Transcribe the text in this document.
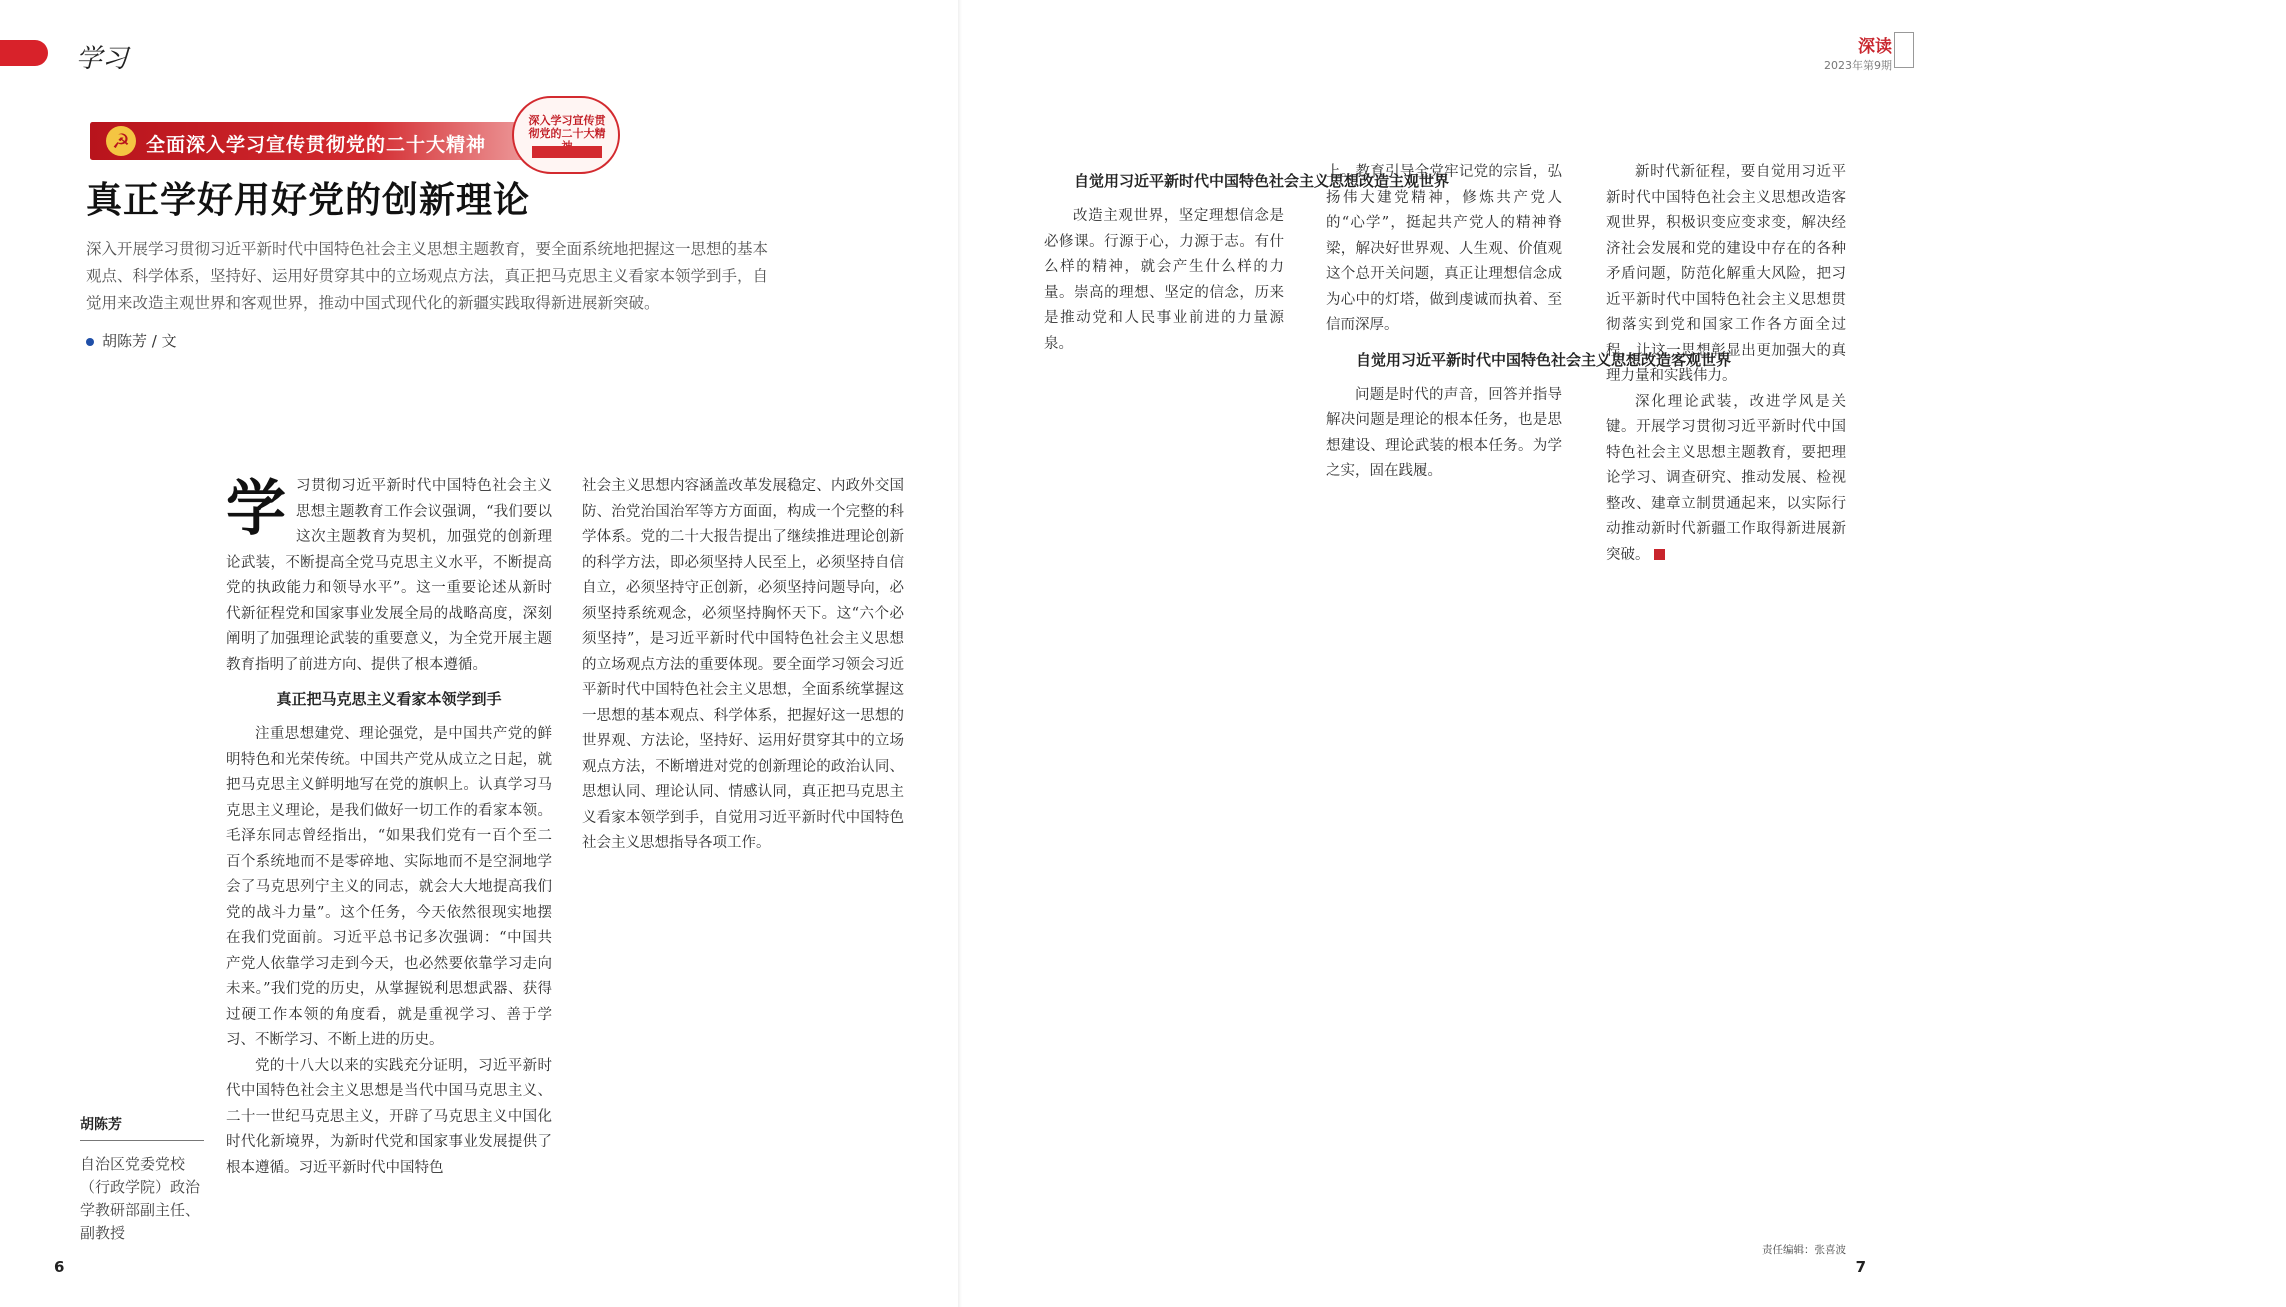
学习
☭ 全面深入学习宣传贯彻党的二十大精神
深入学习宣传贯彻党的二十大精
真正学好用好党的创新理论
深入开展学习贯彻习近平新时代中国特色社会主义思想主题教育，要全面系统地把握这一思想的基本观点、科学体系，坚持好、运用好贯穿其中的立场观点方法，真正把马克思主义看家本领学到手，自觉用来改造主观世界和客观世界，推动中国式现代化的新疆实践取得新进展新突破。
胡陈芳 / 文
学 习贯彻习近平新时代中国特色社会主义思想主题教育工作会议强调，“我们要以这次主题教育为契机，加强党的创新理论武装，不断提高全党马克思主义水平，不断提高党的执政能力和领导水平”。这一重要论述从新时代新征程党和国家事业发展全局的战略高度，深刻阐明了加强理论武装的重要意义，为全党开展主题教育指明了前进方向、提供了根本遵循。

真正把马克思主义看家本领学到手

注重思想建党、理论强党，是中国共产党的鲜明特色和光荣传统。中国共产党从成立之日起，就把马克思主义鲜明地写在党的旗帜上。认真学习马克思主义理论，是我们做好一切工作的看家本领。毛泽东同志曾经指出，“如果我们党有一百个至二百个系统地而不是零碎地、实际地而不是空洞地学会了马克思列宁主义的同志，就会大大地提高我们党的战斗力量”。这个任务，今天依然很现实地摆在我们党面前。习近平总书记多次强调：“中国共产党人依靠学习走到今天，也必然要依靠学习走向未来。”我们党的历史，从掌握锐利思想武器、获得过硬工作本领的角度看，就是重视学习、善于学习、不断学习、不断上进的历史。

党的十八大以来的实践充分证明，习近平新时代中国特色社会主义思想是当代中国马克思主义、二十一世纪马克思主义，开辟了马克思主义中国化时代化新境界，为新时代党和国家事业发展提供了根本遵循。习近平新时代中国特色

社会主义思想内容涵盖改革发展稳定、内政外交国防、治党治国治军等方方面面，构成一个完整的科学体系。党的二十大报告提出了继续推进理论创新的科学方法，即必须坚持人民至上，必须坚持自信自立，必须坚持守正创新，必须坚持问题导向，必须坚持系统观念，必须坚持胸怀天下。这“六个必须坚持”，是习近平新时代中国特色社会主义思想的立场观点方法的重要体现。要全面学习领会习近平新时代中国特色社会主义思想，全面系统掌握这一思想的基本观点、科学体系，把握好这一思想的世界观、方法论，坚持好、运用好贯穿其中的立场观点方法，不断增进对党的创新理论的政治认同、思想认同、理论认同、情感认同，真正把马克思主义看家本领学到手，自觉用习近平新时代中国特色社会主义思想指导各项工作。

胡陈芳
自治区党委党校（行政学院）政治学教研部副主任、副教授
6
深读
2023年第9期
自觉用习近平新时代中国特色社会主义思想改造主观世界

改造主观世界，坚定理想信念是必修课。行源于心，力源于志。有什么样的精神，就会产生什么样的力量。崇高的理想、坚定的信念，历来是推动党和人民事业前进的力量源泉。

上。教育引导全党牢记党的宗旨，弘扬伟大建党精神，修炼共产党人的“心学”，挺起共产党人的精神脊梁，解决好世界观、人生观、价值观这个总开关问题，真正让理想信念成为心中的灯塔，做到虔诚而执着、至信而深厚。

自觉用习近平新时代中国特色社会主义思想改造客观世界

问题是时代的声音，回答并指导解决问题是理论的根本任务，也是思想建设、理论武装的根本任务。为学之实，固在践履。

新时代新征程，要自觉用习近平新时代中国特色社会主义思想改造客观世界，积极识变应变求变，解决经济社会发展和党的建设中存在的各种矛盾问题，防范化解重大风险，把习近平新时代中国特色社会主义思想贯彻落实到党和国家工作各方面全过程，让这一思想彰显出更加强大的真理力量和实践伟力。

深化理论武装，改进学风是关键。开展学习贯彻习近平新时代中国特色社会主义思想主题教育，要把理论学习、调查研究、推动发展、检视整改、建章立制贯通起来，以实际行动推动新时代新疆工作取得新进展新突破。

责任编辑：张喜波
7
